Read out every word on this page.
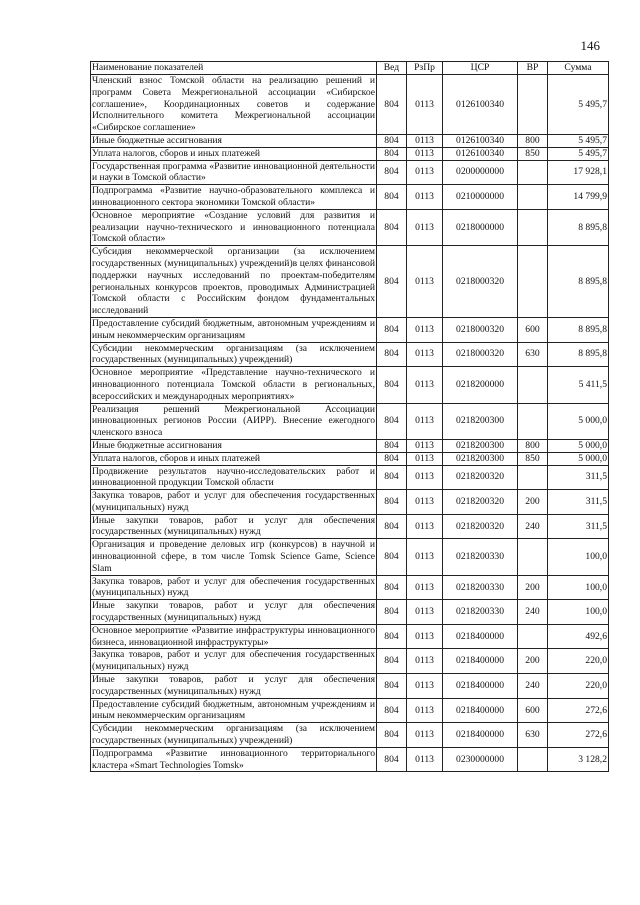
146
Наименование показателей	Вед	РзПр	ЦСР	ВР	Сумма
Членский взнос Томской области на реализацию решений и программ Совета Межрегиональной ассоциации «Сибирское соглашение», Координационных советов и содержание Исполнительного комитета Межрегиональной ассоциации «Сибирское соглашение»	804	0113	0126100340		5 495,7
Иные бюджетные ассигнования	804	0113	0126100340	800	5 495,7
Уплата налогов, сборов и иных платежей	804	0113	0126100340	850	5 495,7
Государственная программа «Развитие инновационной деятельности и науки в Томской области»	804	0113	0200000000		17 928,1
Подпрограмма «Развитие научно-образовательного комплекса и инновационного сектора экономики Томской области»	804	0113	0210000000		14 799,9
Основное мероприятие «Создание условий для развития и реализации научно-технического и инновационного потенциала Томской области»	804	0113	0218000000		8 895,8
Субсидия некоммерческой организации (за исключением государственных (муниципальных) учреждений)в целях финансовой поддержки научных исследований по проектам-победителям региональных конкурсов проектов, проводимых Администрацией Томской области с Российским фондом фундаментальных исследований	804	0113	0218000320		8 895,8
Предоставление субсидий бюджетным, автономным учреждениям и иным некоммерческим организациям	804	0113	0218000320	600	8 895,8
Субсидии некоммерческим организациям (за исключением государственных (муниципальных) учреждений)	804	0113	0218000320	630	8 895,8
Основное мероприятие «Представление научно-технического и инновационного потенциала Томской области в региональных, всероссийских и международных мероприятиях»	804	0113	0218200000		5 411,5
Реализация решений Межрегиональной Ассоциации инновационных регионов России (АИРР). Внесение ежегодного членского взноса	804	0113	0218200300		5 000,0
Иные бюджетные ассигнования	804	0113	0218200300	800	5 000,0
Уплата налогов, сборов и иных платежей	804	0113	0218200300	850	5 000,0
Продвижение результатов научно-исследовательских работ и инновационной продукции Томской области	804	0113	0218200320		311,5
Закупка товаров, работ и услуг для обеспечения государственных (муниципальных) нужд	804	0113	0218200320	200	311,5
Иные закупки товаров, работ и услуг для обеспечения государственных (муниципальных) нужд	804	0113	0218200320	240	311,5
Организация и проведение деловых игр (конкурсов) в научной и инновационной сфере, в том числе Tomsk Science Game, Science Slam	804	0113	0218200330		100,0
Закупка товаров, работ и услуг для обеспечения государственных (муниципальных) нужд	804	0113	0218200330	200	100,0
Иные закупки товаров, работ и услуг для обеспечения государственных (муниципальных) нужд	804	0113	0218200330	240	100,0
Основное мероприятие «Развитие инфраструктуры инновационного бизнеса, инновационной инфраструктуры»	804	0113	0218400000		492,6
Закупка товаров, работ и услуг для обеспечения государственных (муниципальных) нужд	804	0113	0218400000	200	220,0
Иные закупки товаров, работ и услуг для обеспечения государственных (муниципальных) нужд	804	0113	0218400000	240	220,0
Предоставление субсидий бюджетным, автономным учреждениям и иным некоммерческим организациям	804	0113	0218400000	600	272,6
Субсидии некоммерческим организациям (за исключением государственных (муниципальных) учреждений)	804	0113	0218400000	630	272,6
Подпрограмма «Развитие инновационного территориального кластера «Smart Technologies Tomsk»	804	0113	0230000000		3 128,2
